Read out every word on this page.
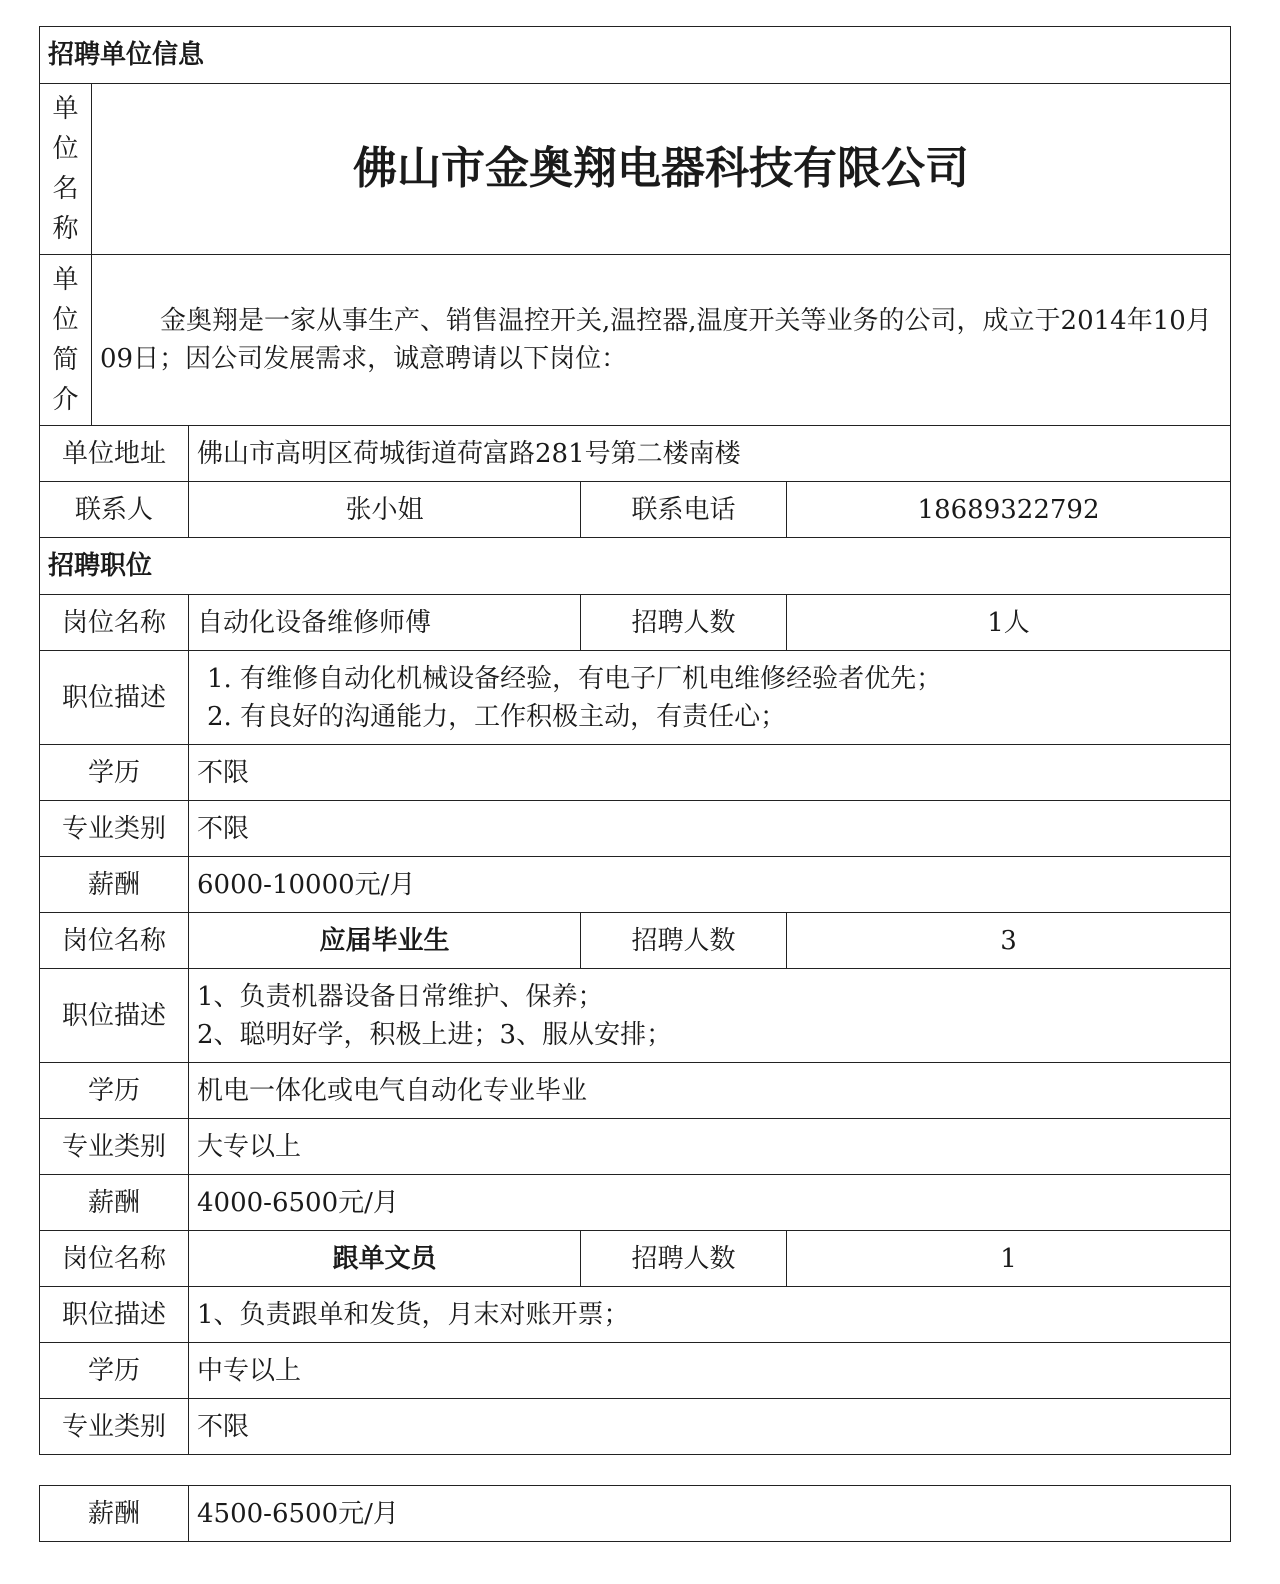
招聘单位信息				

单
位
名
称	佛山市金奥翔电器科技有限公司			

单
位
简
介	金奥翔是一家从事生产、销售温控开关,温控器,温度开关等业务的公司，成立于2014年10月09日；因公司发展需求，诚意聘请以下岗位：			

单位地址		佛山市高明区荷城街道荷富路281号第二楼南楼		
联系人		张小姐	联系电话	18689322792
招聘职位				
岗位名称		自动化设备维修师傅	招聘人数	1人
职位描述		1. 有维修自动化机械设备经验，有电子厂机电维修经验者优先；
2. 有良好的沟通能力，工作积极主动，有责任心；		

学历		不限		
专业类别		不限		
薪酬		6000-10000元/月		
岗位名称		应届毕业生	招聘人数	3
职位描述		1、负责机器设备日常维护、保养；
2、聪明好学，积极上进；3、服从安排；		

学历		机电一体化或电气自动化专业毕业		
专业类别		大专以上		
薪酬		4000-6500元/月		
岗位名称		跟单文员	招聘人数	1
职位描述		1、负责跟单和发货，月末对账开票；		
学历		中专以上		
专业类别		不限		
薪酬	4500-6500元/月
